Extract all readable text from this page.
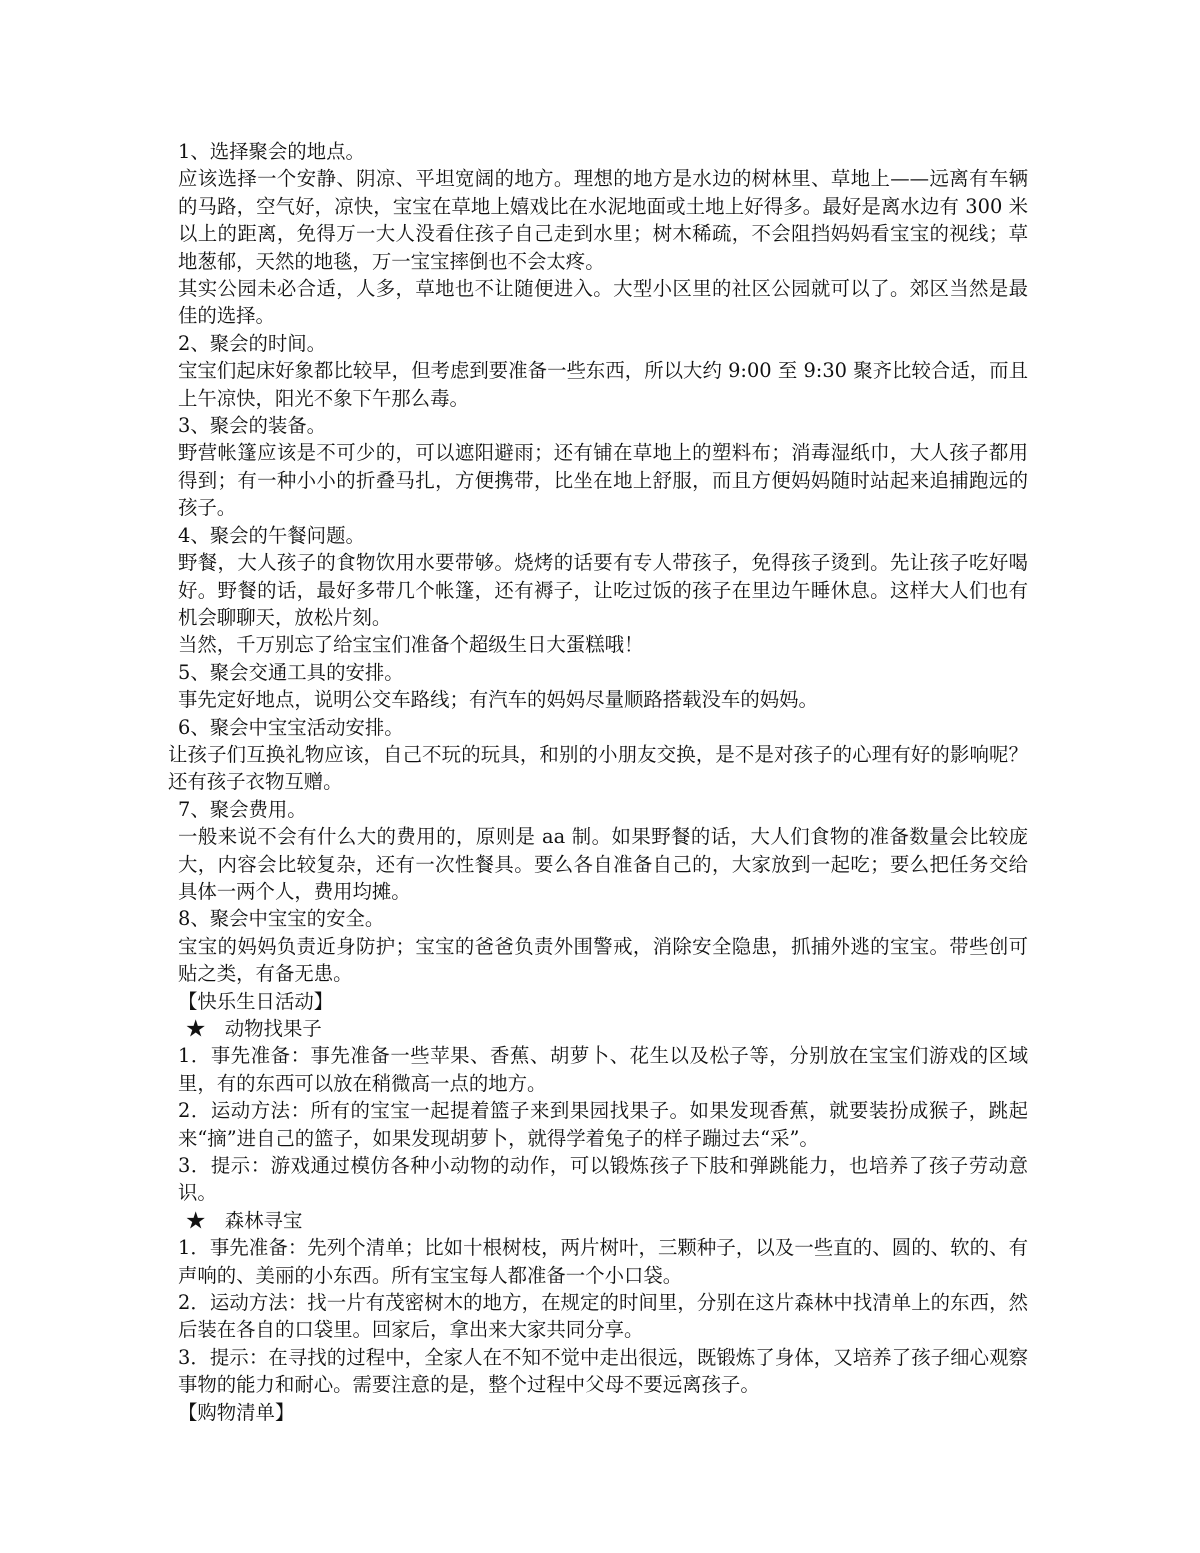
1、选择聚会的地点。

应该选择一个安静、阴凉、平坦宽阔的地方。理想的地方是水边的树林里、草地上——远离有车辆的马路，空气好，凉快，宝宝在草地上嬉戏比在水泥地面或土地上好得多。最好是离水边有 300 米以上的距离，免得万一大人没看住孩子自己走到水里；树木稀疏，不会阻挡妈妈看宝宝的视线；草地葱郁，天然的地毯，万一宝宝摔倒也不会太疼。

其实公园未必合适，人多，草地也不让随便进入。大型小区里的社区公园就可以了。郊区当然是最佳的选择。

2、聚会的时间。

宝宝们起床好象都比较早，但考虑到要准备一些东西，所以大约 9:00 至 9:30 聚齐比较合适，而且上午凉快，阳光不象下午那么毒。

3、聚会的装备。

野营帐篷应该是不可少的，可以遮阳避雨；还有铺在草地上的塑料布；消毒湿纸巾，大人孩子都用得到；有一种小小的折叠马扎，方便携带，比坐在地上舒服，而且方便妈妈随时站起来追捕跑远的孩子。

4、聚会的午餐问题。

野餐，大人孩子的食物饮用水要带够。烧烤的话要有专人带孩子，免得孩子烫到。先让孩子吃好喝好。野餐的话，最好多带几个帐篷，还有褥子，让吃过饭的孩子在里边午睡休息。这样大人们也有机会聊聊天，放松片刻。

当然，千万别忘了给宝宝们准备个超级生日大蛋糕哦！

5、聚会交通工具的安排。

事先定好地点，说明公交车路线；有汽车的妈妈尽量顺路搭载没车的妈妈。

6、聚会中宝宝活动安排。

让孩子们互换礼物应该，自己不玩的玩具，和别的小朋友交换，是不是对孩子的心理有好的影响呢？还有孩子衣物互赠。

7、聚会费用。

一般来说不会有什么大的费用的，原则是 aa 制。如果野餐的话，大人们食物的准备数量会比较庞大，内容会比较复杂，还有一次性餐具。要么各自准备自己的，大家放到一起吃；要么把任务交给具体一两个人，费用均摊。

8、聚会中宝宝的安全。

宝宝的妈妈负责近身防护；宝宝的爸爸负责外围警戒，消除安全隐患，抓捕外逃的宝宝。带些创可贴之类，有备无患。

【快乐生日活动】

★　动物找果子

1．事先准备：事先准备一些苹果、香蕉、胡萝卜、花生以及松子等，分别放在宝宝们游戏的区域里，有的东西可以放在稍微高一点的地方。

2．运动方法：所有的宝宝一起提着篮子来到果园找果子。如果发现香蕉，就要装扮成猴子，跳起来“摘”进自己的篮子，如果发现胡萝卜，就得学着兔子的样子蹦过去“采”。

3．提示：游戏通过模仿各种小动物的动作，可以锻炼孩子下肢和弹跳能力，也培养了孩子劳动意识。

★　森林寻宝

1．事先准备：先列个清单；比如十根树枝，两片树叶，三颗种子，以及一些直的、圆的、软的、有声响的、美丽的小东西。所有宝宝每人都准备一个小口袋。

2．运动方法：找一片有茂密树木的地方，在规定的时间里，分别在这片森林中找清单上的东西，然后装在各自的口袋里。回家后，拿出来大家共同分享。

3．提示：在寻找的过程中，全家人在不知不觉中走出很远，既锻炼了身体，又培养了孩子细心观察事物的能力和耐心。需要注意的是，整个过程中父母不要远离孩子。

【购物清单】
